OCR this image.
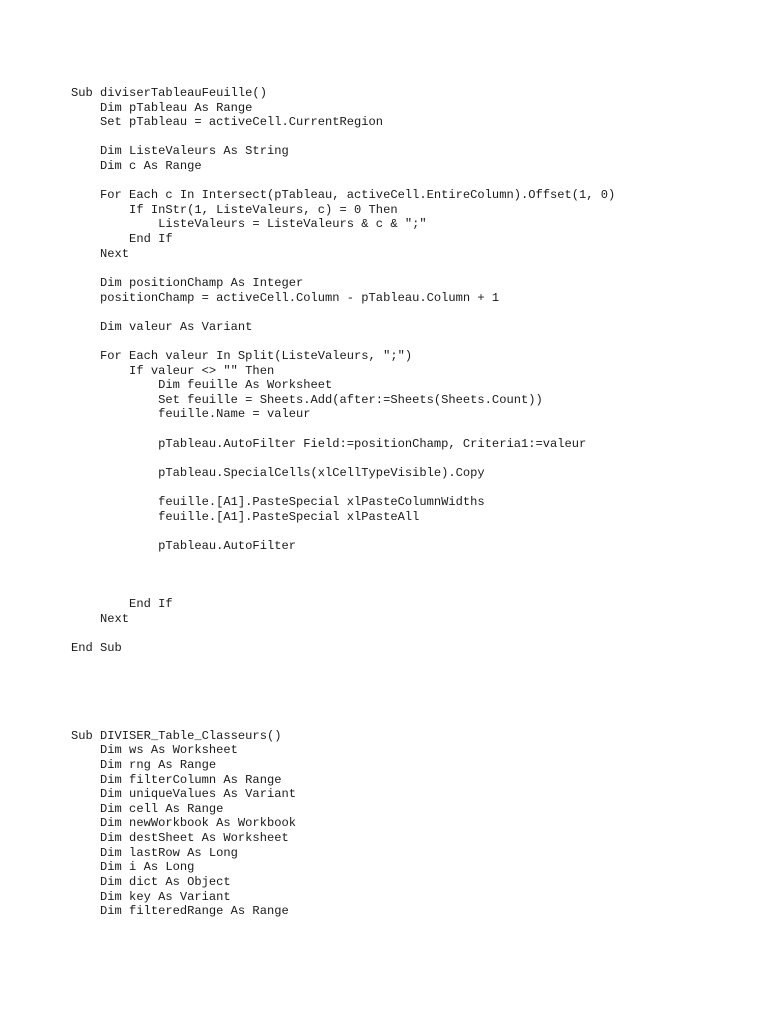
Sub diviserTableauFeuille()
Dim pTableau As Range
Set pTableau = activeCell.CurrentRegion
Dim ListeValeurs As String
Dim c As Range
For Each c In Intersect(pTableau, activeCell.EntireColumn).Offset(1, 0)
If InStr(1, ListeValeurs, c) = 0 Then
ListeValeurs = ListeValeurs & c & ";"
End If
Next
Dim positionChamp As Integer
positionChamp = activeCell.Column - pTableau.Column + 1
Dim valeur As Variant
For Each valeur In Split(ListeValeurs, ";")
If valeur <> "" Then
Dim feuille As Worksheet
Set feuille = Sheets.Add(after:=Sheets(Sheets.Count))
feuille.Name = valeur
pTableau.AutoFilter Field:=positionChamp, Criteria1:=valeur
pTableau.SpecialCells(xlCellTypeVisible).Copy
feuille.[A1].PasteSpecial xlPasteColumnWidths
feuille.[A1].PasteSpecial xlPasteAll
pTableau.AutoFilter
End If
Next
End Sub
Sub DIVISER_Table_Classeurs()
Dim ws As Worksheet
Dim rng As Range
Dim filterColumn As Range
Dim uniqueValues As Variant
Dim cell As Range
Dim newWorkbook As Workbook
Dim destSheet As Worksheet
Dim lastRow As Long
Dim i As Long
Dim dict As Object
Dim key As Variant
Dim filteredRange As Range
